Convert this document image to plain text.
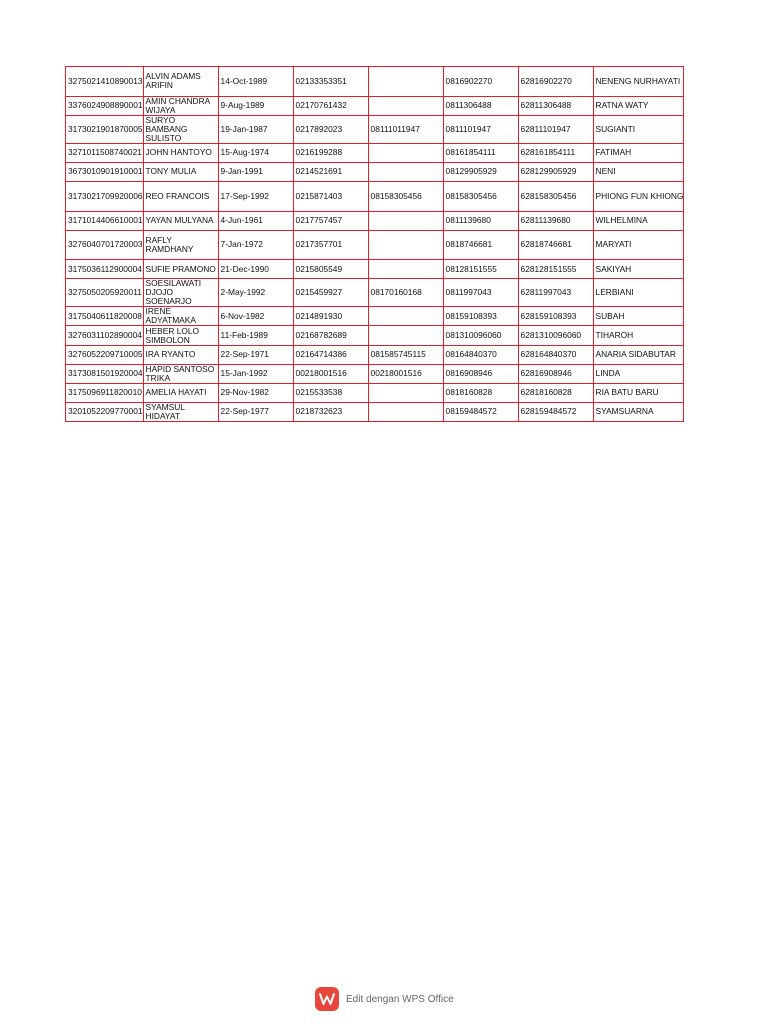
3275021410890013	ALVIN ADAMS ARIFIN	14-Oct-1989	02133353351		0816902270	62816902270	NENENG NURHAYATI
3376024908890001	AMIN CHANDRA WIJAYA	9-Aug-1989	02170761432		0811306488	62811306488	RATNA WATY
3173021901870005	SURYO BAMBANG SULISTO	19-Jan-1987	0217892023	08111011947	0811101947	62811101947	SUGIANTI
3271011508740021	JOHN HANTOYO	15-Aug-1974	0216199288		08161854111	628161854111	FATIMAH
3673010901910001	TONY MULIA	9-Jan-1991	0214521691		08129905929	628129905929	NENI
3173021709920006	REO FRANCOIS	17-Sep-1992	0215871403	08158305456	08158305456	628158305456	PHIONG FUN KHIONG
3171014406610001	YAYAN MULYANA	4-Jun-1961	0217757457		0811139680	62811139680	WILHELMINA
3276040701720003	RAFLY RAMDHANY	7-Jan-1972	0217357701		0818746681	62818746681	MARYATI
3175036112900004	SUFIE PRAMONO	21-Dec-1990	0215805549		08128151555	628128151555	SAKIYAH
3275050205920011	SOESILAWATI DJOJO SOENARJO	2-May-1992	0215459927	08170160168	0811997043	62811997043	LERBIANI
3175040611820008	IRENE ADYATMAKA	6-Nov-1982	0214891930		08159108393	628159108393	SUBAH
3276031102890004	HEBER LOLO SIMBOLON	11-Feb-1989	02168782689		081310096060	6281310096060	TIHAROH
3276052209710005	IRA RYANTO	22-Sep-1971	02164714386	081585745115	08164840370	628164840370	ANARIA SIDABUTAR
3173081501920004	HAPID SANTOSO TRIKA	15-Jan-1992	00218001516	00218001516	0816908946	62816908946	LINDA
3175096911820010	AMELIA HAYATI	29-Nov-1982	0215533538		0818160828	62818160828	RIA BATU BARU
3201052209770001	SYAMSUL HIDAYAT	22-Sep-1977	0218732623		08159484572	628159484572	SYAMSUARNA
Edit dengan WPS Office
